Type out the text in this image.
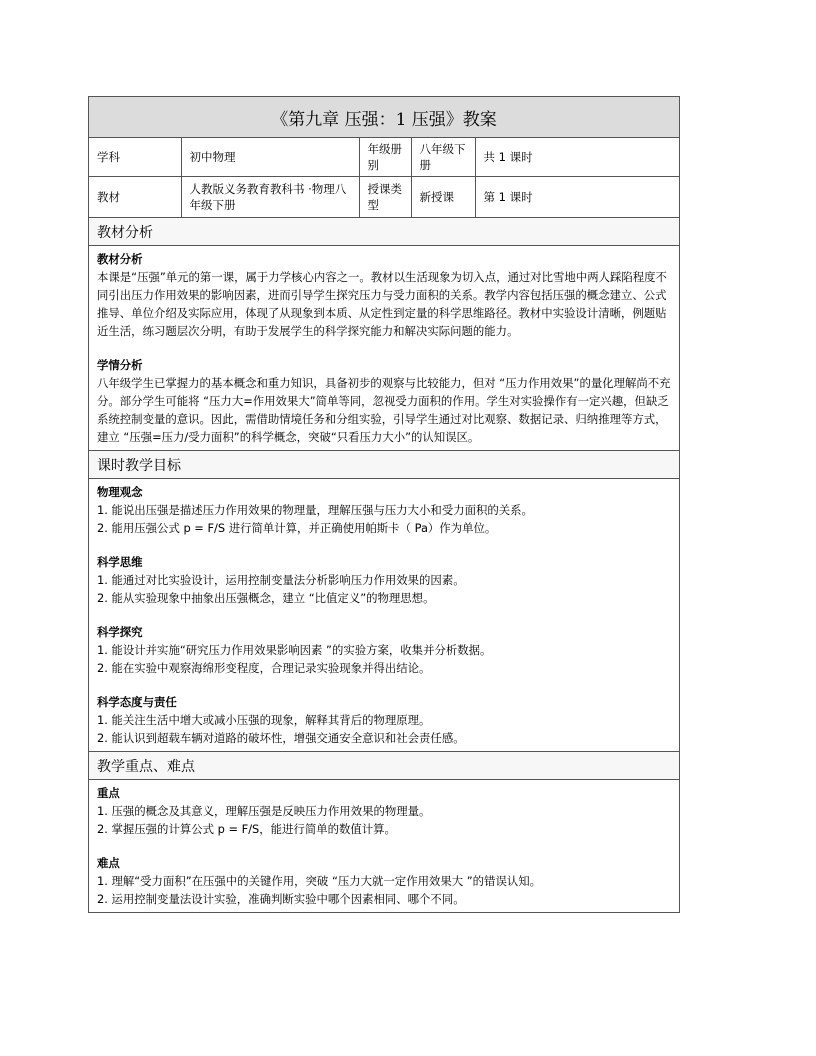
《第九章 压强：1 压强》教案
学科	初中物理	年级册别	八年级下册	共 1 课时
教材	人教版义务教育教科书 ·物理八年级下册	授课类型	新授课	第 1 课时
教材分析
教材分析
本课是“压强”单元的第一课，属于力学核心内容之一。教材以生活现象为切入点，通过对比雪地中两人踩陷程度不同引出压力作用效果的影响因素，进而引导学生探究压力与受力面积的关系。教学内容包括压强的概念建立、公式推导、单位介绍及实际应用，体现了从现象到本质、从定性到定量的科学思维路径。教材中实验设计清晰，例题贴近生活，练习题层次分明，有助于发展学生的科学探究能力和解决实际问题的能力。
学情分析
八年级学生已掌握力的基本概念和重力知识，具备初步的观察与比较能力，但对 “压力作用效果”的量化理解尚不充分。部分学生可能将 “压力大=作用效果大”简单等同，忽视受力面积的作用。学生对实验操作有一定兴趣，但缺乏系统控制变量的意识。因此，需借助情境任务和分组实验，引导学生通过对比观察、数据记录、归纳推理等方式，建立 “压强=压力/受力面积”的科学概念，突破“只看压力大小”的认知误区。
课时教学目标
物理观念
1. 能说出压强是描述压力作用效果的物理量，理解压强与压力大小和受力面积的关系。
2. 能用压强公式 p = F/S 进行简单计算，并正确使用帕斯卡（ Pa）作为单位。
科学思维
1. 能通过对比实验设计，运用控制变量法分析影响压力作用效果的因素。
2. 能从实验现象中抽象出压强概念，建立 “比值定义”的物理思想。
科学探究
1. 能设计并实施“研究压力作用效果影响因素 ”的实验方案，收集并分析数据。
2. 能在实验中观察海绵形变程度，合理记录实验现象并得出结论。
科学态度与责任
1. 能关注生活中增大或减小压强的现象，解释其背后的物理原理。
2. 能认识到超载车辆对道路的破坏性，增强交通安全意识和社会责任感。
教学重点、难点
重点
1. 压强的概念及其意义，理解压强是反映压力作用效果的物理量。
2. 掌握压强的计算公式 p = F/S，能进行简单的数值计算。
难点
1. 理解“受力面积”在压强中的关键作用，突破 “压力大就一定作用效果大 ”的错误认知。
2. 运用控制变量法设计实验，准确判断实验中哪个因素相同、哪个不同。
